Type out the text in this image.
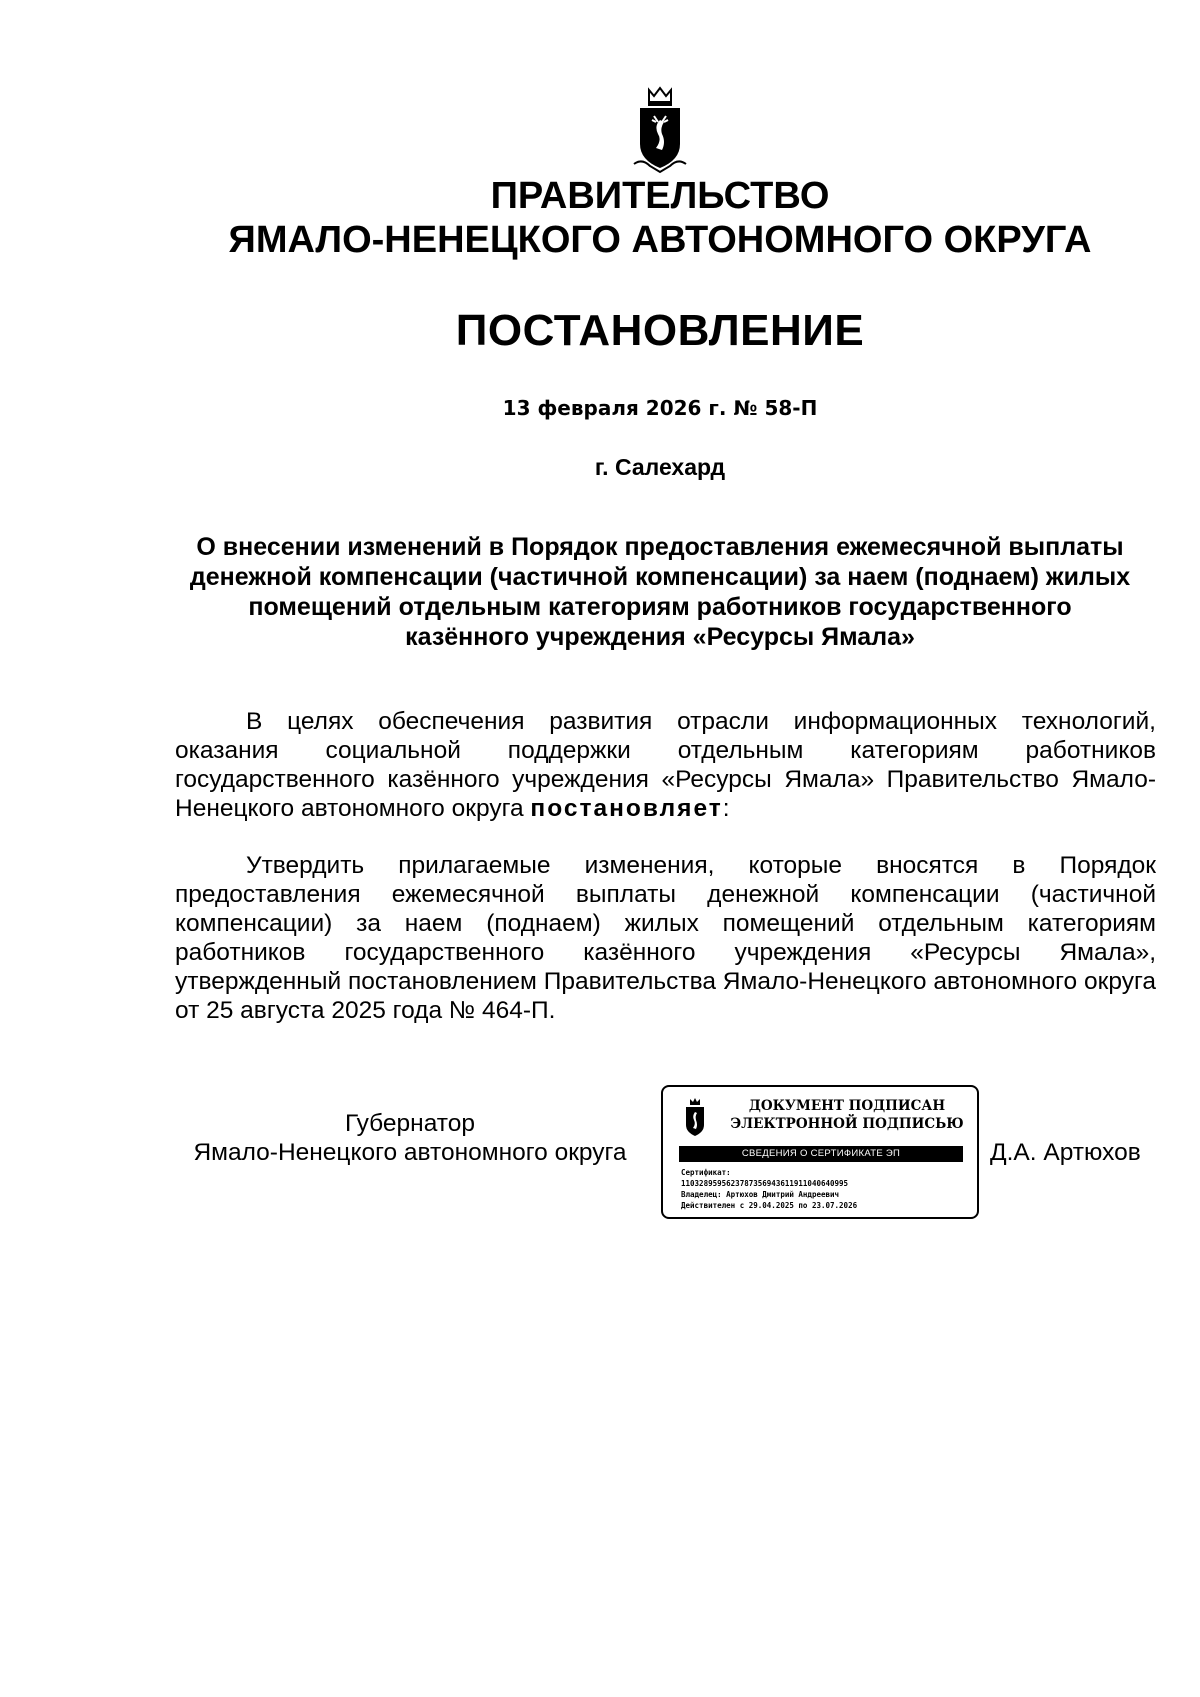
ПРАВИТЕЛЬСТВО
ЯМАЛО-НЕНЕЦКОГО АВТОНОМНОГО ОКРУГА
ПОСТАНОВЛЕНИЕ
13 февраля 2026 г. № 58-П
г. Салехард
О внесении изменений в Порядок предоставления ежемесячной выплаты денежной компенсации (частичной компенсации) за наем (поднаем) жилых помещений отдельным категориям работников государственного казённого учреждения «Ресурсы Ямала»

В целях обеспечения развития отрасли информационных технологий, оказания социальной поддержки отдельным категориям работников государственного казённого учреждения «Ресурсы Ямала» Правительство Ямало-Ненецкого автономного округа постановляет:

Утвердить прилагаемые изменения, которые вносятся в Порядок предоставления ежемесячной выплаты денежной компенсации (частичной компенсации) за наем (поднаем) жилых помещений отдельным категориям работников государственного казённого учреждения «Ресурсы Ямала», утвержденный постановлением Правительства Ямало-Ненецкого автономного округа от 25 августа 2025 года № 464-П.

Губернатор
Ямало-Ненецкого автономного округа
ДОКУМЕНТ ПОДПИСАН
ЭЛЕКТРОННОЙ ПОДПИСЬЮ
СВЕДЕНИЯ О СЕРТИФИКАТЕ ЭП
Сертификат:
1103289595623787356943611911040640995
Владелец: Артюхов Дмитрий Андреевич
Действителен с 29.04.2025 по 23.07.2026
Д.А. Артюхов
